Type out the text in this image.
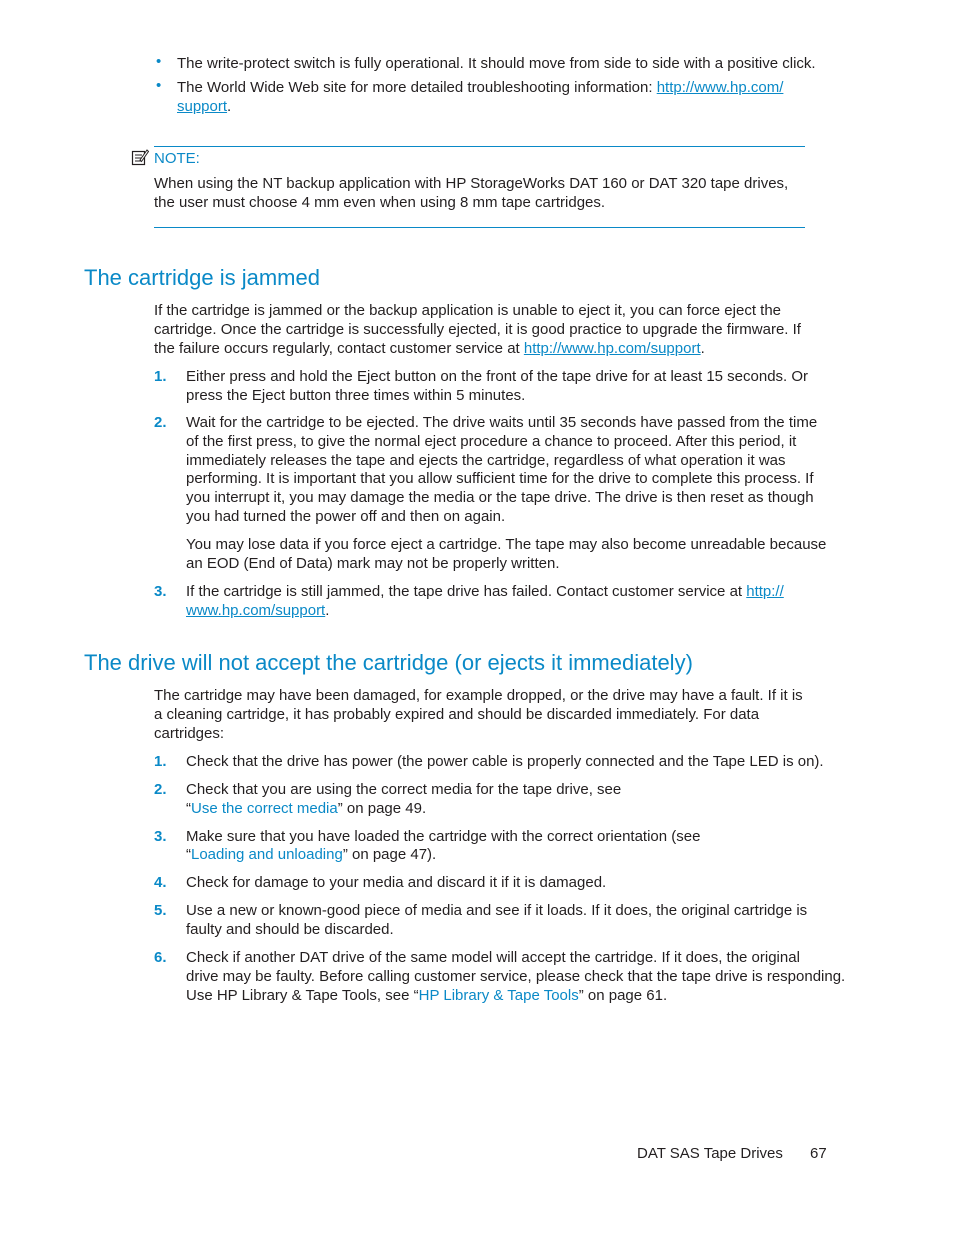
• The write-protect switch is fully operational. It should move from side to side with a positive click.
• The World Wide Web site for more detailed troubleshooting information: http://www.hp.com/
support.
NOTE:
When using the NT backup application with HP StorageWorks DAT 160 or DAT 320 tape drives,
the user must choose 4 mm even when using 8 mm tape cartridges.
The cartridge is jammed
If the cartridge is jammed or the backup application is unable to eject it, you can force eject the
cartridge. Once the cartridge is successfully ejected, it is good practice to upgrade the firmware. If
the failure occurs regularly, contact customer service at http://www.hp.com/support.
1. Either press and hold the Eject button on the front of the tape drive for at least 15 seconds. Or
press the Eject button three times within 5 minutes.
2. Wait for the cartridge to be ejected. The drive waits until 35 seconds have passed from the time
of the first press, to give the normal eject procedure a chance to proceed. After this period, it
immediately releases the tape and ejects the cartridge, regardless of what operation it was
performing. It is important that you allow sufficient time for the drive to complete this process. If
you interrupt it, you may damage the media or the tape drive. The drive is then reset as though
you had turned the power off and then on again.
You may lose data if you force eject a cartridge. The tape may also become unreadable because
an EOD (End of Data) mark may not be properly written.
3. If the cartridge is still jammed, the tape drive has failed. Contact customer service at http://
www.hp.com/support.
The drive will not accept the cartridge (or ejects it immediately)
The cartridge may have been damaged, for example dropped, or the drive may have a fault. If it is
a cleaning cartridge, it has probably expired and should be discarded immediately. For data
cartridges:
1. Check that the drive has power (the power cable is properly connected and the Tape LED is on).
2. Check that you are using the correct media for the tape drive, see
“Use the correct media” on page 49.
3. Make sure that you have loaded the cartridge with the correct orientation (see
“Loading and unloading” on page 47).
4. Check for damage to your media and discard it if it is damaged.
5. Use a new or known-good piece of media and see if it loads. If it does, the original cartridge is
faulty and should be discarded.
6. Check if another DAT drive of the same model will accept the cartridge. If it does, the original
drive may be faulty. Before calling customer service, please check that the tape drive is responding.
Use HP Library & Tape Tools, see “HP Library & Tape Tools” on page 61.
DAT SAS Tape Drives 67
